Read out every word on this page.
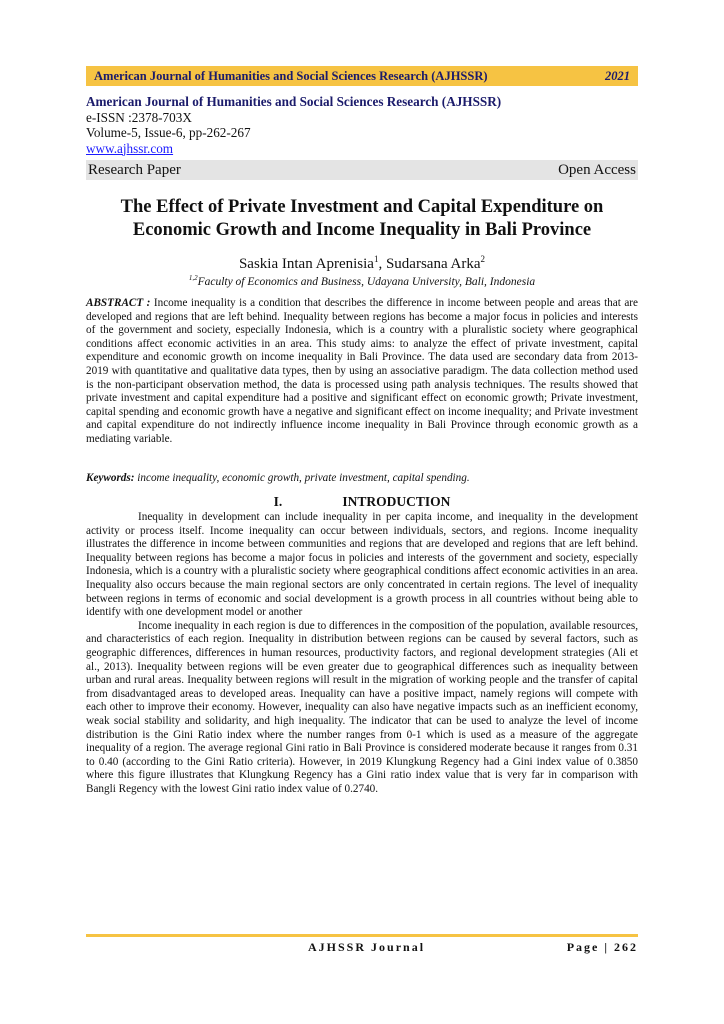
American Journal of Humanities and Social Sciences Research (AJHSSR)	2021
American Journal of Humanities and Social Sciences Research (AJHSSR)
e-ISSN :2378-703X
Volume-5, Issue-6, pp-262-267
www.ajhssr.com
Research Paper	Open Access
The Effect of Private Investment and Capital Expenditure on
Economic Growth and Income Inequality in Bali Province
Saskia Intan Aprenisia$^1$, Sudarsana Arka$^2$
$^{1,2}$Faculty of Economics and Business, Udayana University, Bali, Indonesia
ABSTRACT : Income inequality is a condition that describes the difference in income between people and areas that are developed and regions that are left behind. Inequality between regions has become a major focus in policies and interests of the government and society, especially Indonesia, which is a country with a pluralistic society where geographical conditions affect economic activities in an area. This study aims: to analyze the effect of private investment, capital expenditure and economic growth on income inequality in Bali Province. The data used are secondary data from 2013-2019 with quantitative and qualitative data types, then by using an associative paradigm. The data collection method used is the non-participant observation method, the data is processed using path analysis techniques. The results showed that private investment and capital expenditure had a positive and significant effect on economic growth; Private investment, capital spending and economic growth have a negative and significant effect on income inequality; and Private investment and capital expenditure do not indirectly influence income inequality in Bali Province through economic growth as a mediating variable.
Keywords: income inequality, economic growth, private investment, capital spending.
I.	INTRODUCTION

Inequality in development can include inequality in per capita income, and inequality in the development activity or process itself. Income inequality can occur between individuals, sectors, and regions. Income inequality illustrates the difference in income between communities and regions that are developed and regions that are left behind. Inequality between regions has become a major focus in policies and interests of the government and society, especially Indonesia, which is a country with a pluralistic society where geographical conditions affect economic activities in an area. Inequality also occurs because the main regional sectors are only concentrated in certain regions. The level of inequality between regions in terms of economic and social development is a growth process in all countries without being able to identify with one development model or another

Income inequality in each region is due to differences in the composition of the population, available resources, and characteristics of each region. Inequality in distribution between regions can be caused by several factors, such as geographic differences, differences in human resources, productivity factors, and regional development strategies (Ali et al., 2013). Inequality between regions will be even greater due to geographical differences such as inequality between urban and rural areas. Inequality between regions will result in the migration of working people and the transfer of capital from disadvantaged areas to developed areas. Inequality can have a positive impact, namely regions will compete with each other to improve their economy. However, inequality can also have negative impacts such as an inefficient economy, weak social stability and solidarity, and high inequality. The indicator that can be used to analyze the level of income distribution is the Gini Ratio index where the number ranges from 0-1 which is used as a measure of the aggregate inequality of a region. The average regional Gini ratio in Bali Province is considered moderate because it ranges from 0.31 to 0.40 (according to the Gini Ratio criteria). However, in 2019 Klungkung Regency had a Gini index value of 0.3850 where this figure illustrates that Klungkung Regency has a Gini ratio index value that is very far in comparison with Bangli Regency with the lowest Gini ratio index value of 0.2740.

AJHSSR Journal	Page | 262
